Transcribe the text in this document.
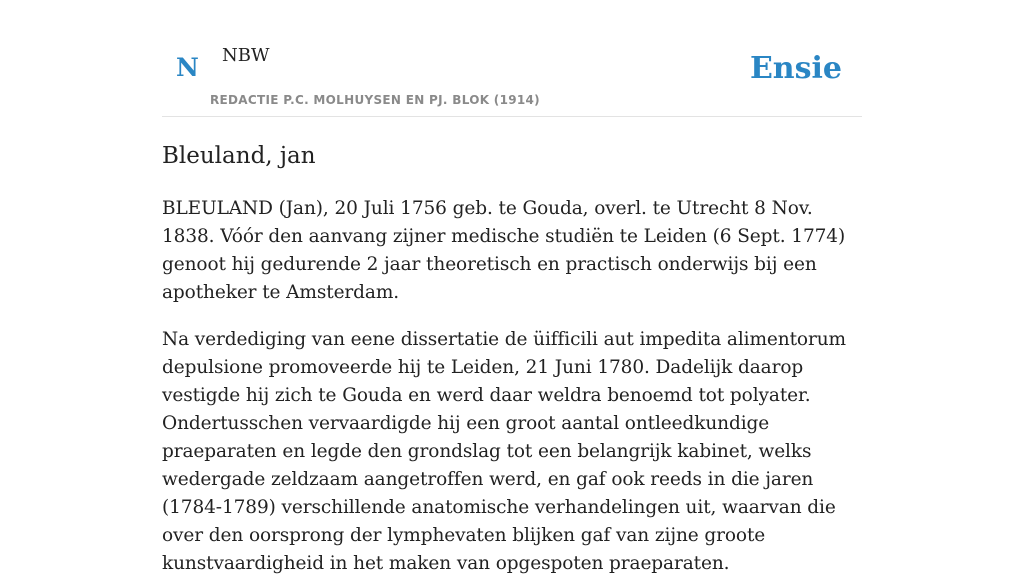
N NBW
REDACTIE P.C. MOLHUYSEN EN PJ. BLOK (1914)
Ensie
Bleuland, jan

BLEULAND (Jan), 20 Juli 1756 geb. te Gouda, overl. te Utrecht 8 Nov. 1838. Vóór den aanvang zijner medische studiën te Leiden (6 Sept. 1774) genoot hij gedurende 2 jaar theoretisch en practisch onderwijs bij een apotheker te Amsterdam.

Na verdediging van eene dissertatie de üifficili aut impedita alimentorum depulsione promoveerde hij te Leiden, 21 Juni 1780. Dadelijk daarop vestigde hij zich te Gouda en werd daar weldra benoemd tot polyater. Ondertusschen vervaardigde hij een groot aantal ontleedkundige praeparaten en legde den grondslag tot een belangrijk kabinet, welks wedergade zeldzaam aangetroffen werd, en gaf ook reeds in die jaren (1784-1789) verschillende anatomische verhandelingen uit, waarvan die over den oorsprong der lymphevaten blijken gaf van zijne groote kunstvaardigheid in het maken van opgespoten praeparaten.
